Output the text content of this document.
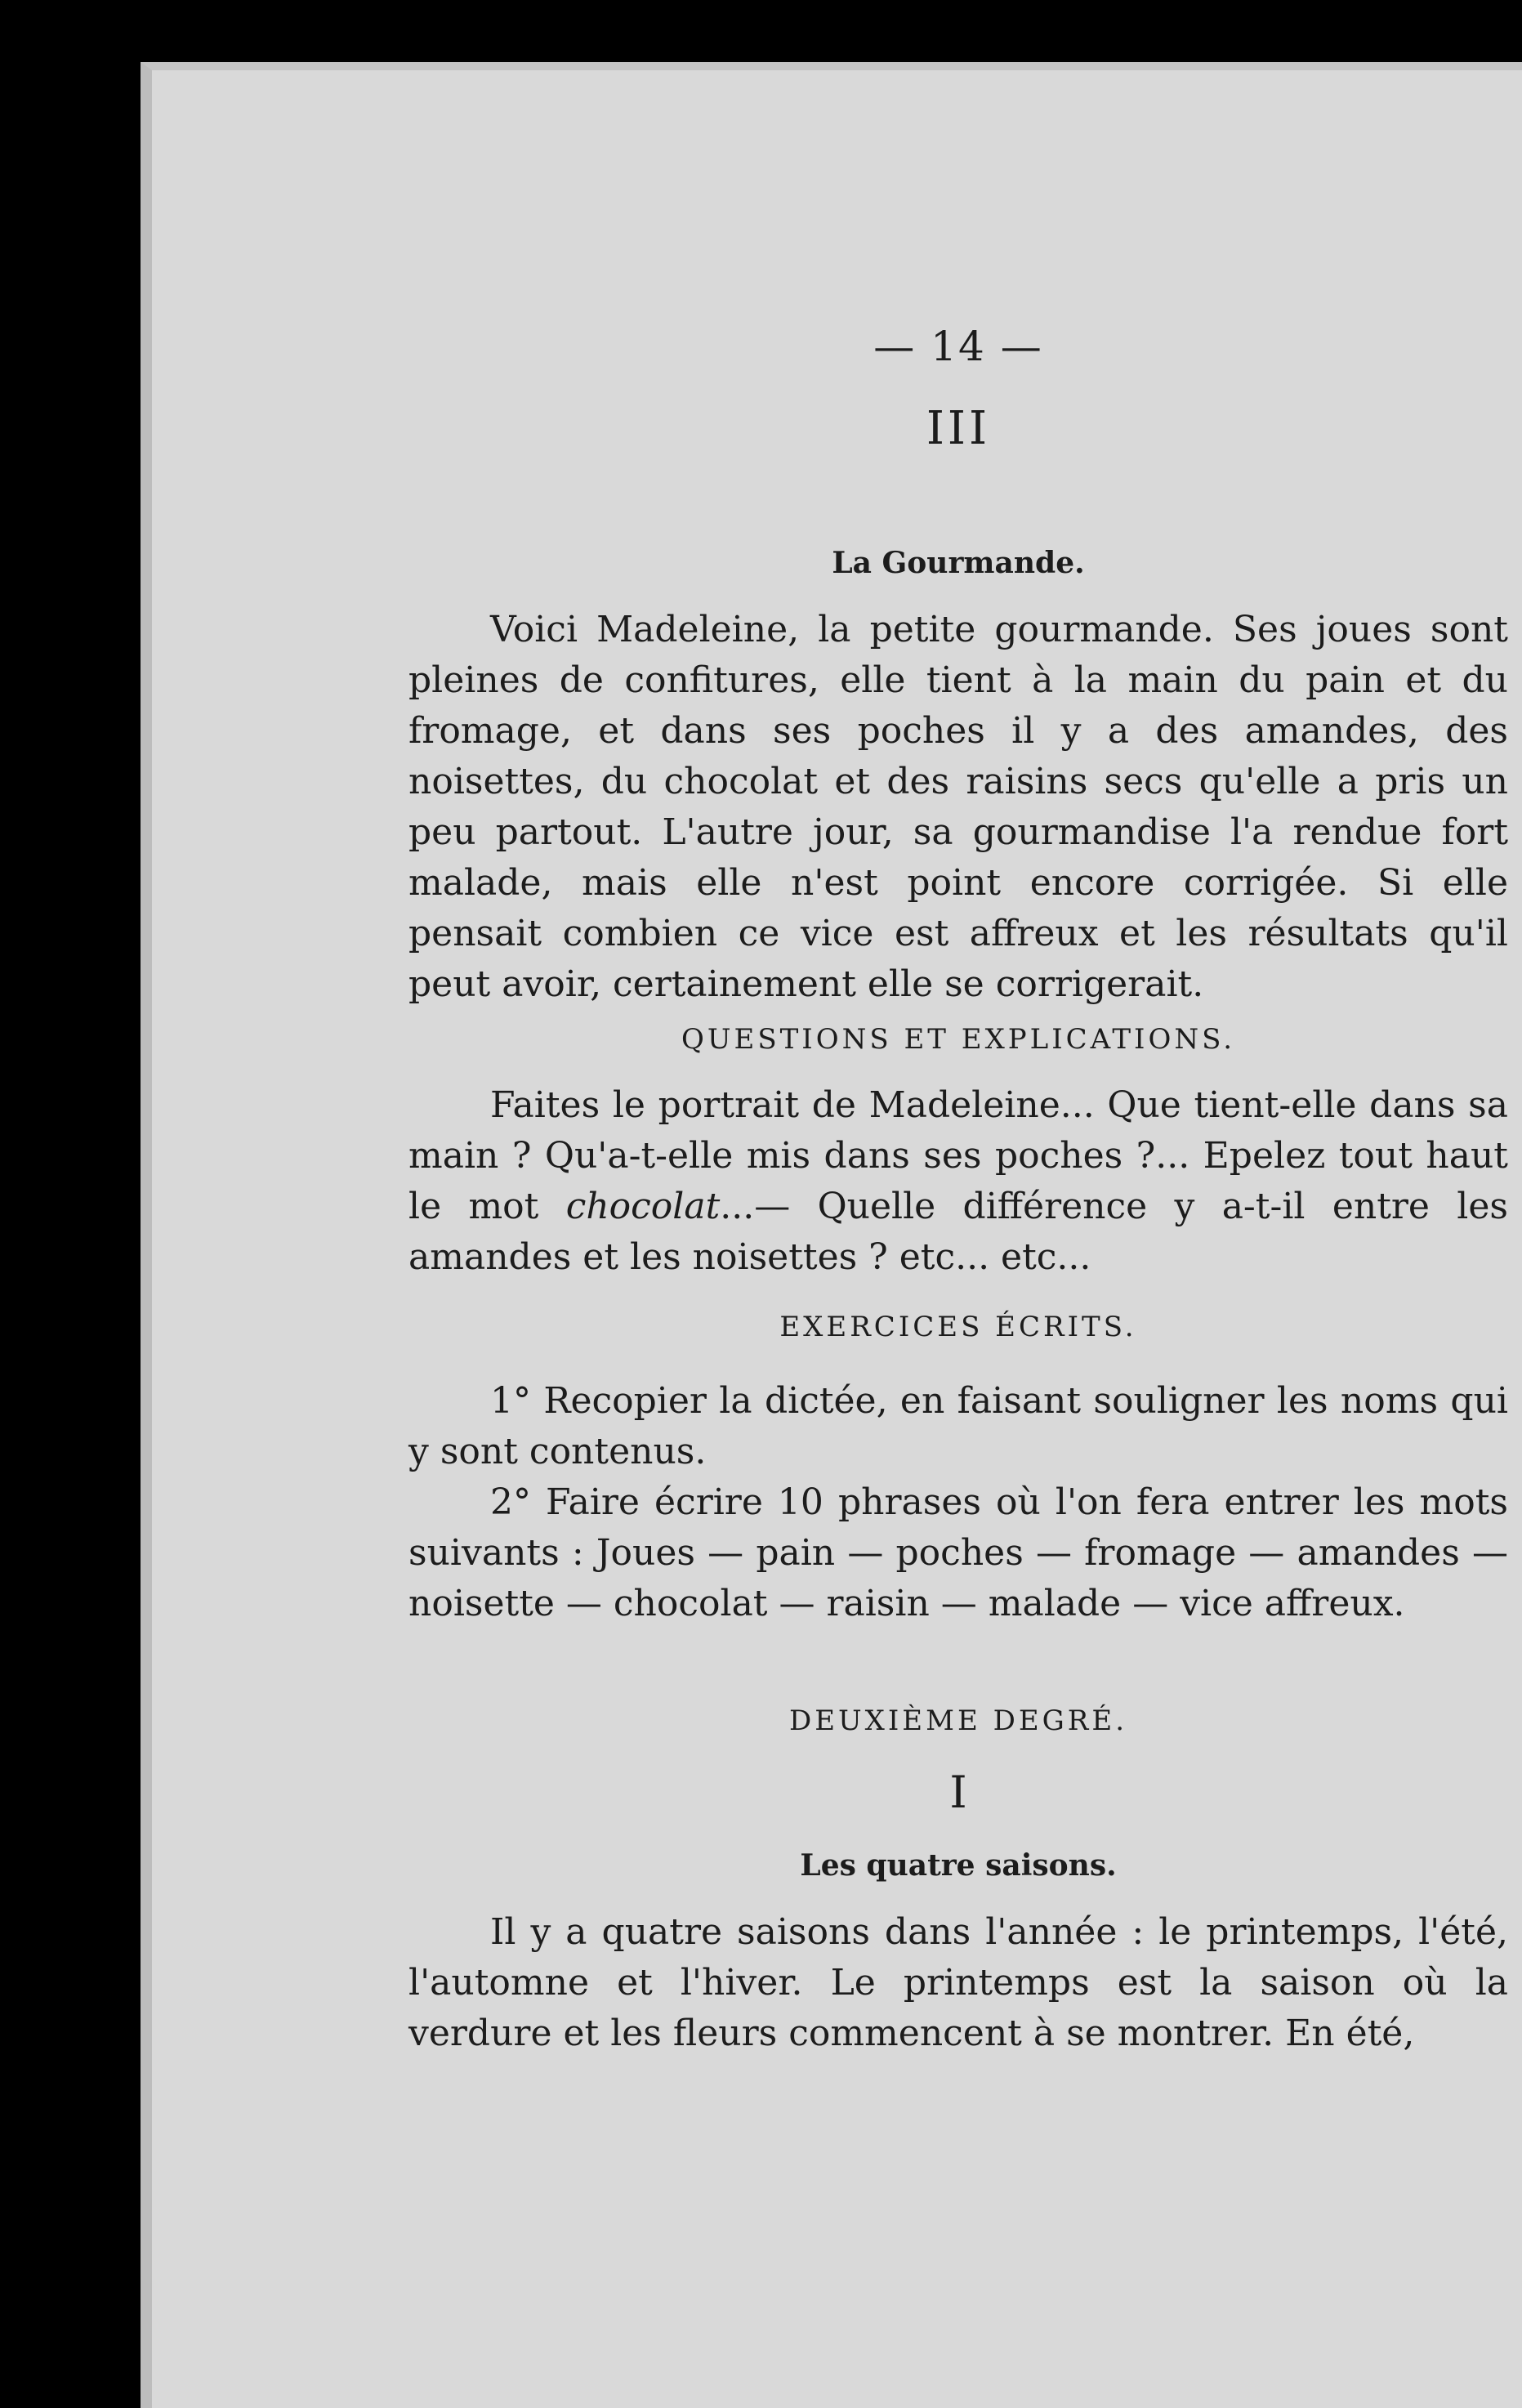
— 14 —
III
La Gourmande.

Voici Madeleine, la petite gourmande. Ses joues sont pleines de confitures, elle tient à la main du pain et du fromage, et dans ses poches il y a des amandes, des noisettes, du chocolat et des raisins secs qu'elle a pris un peu partout. L'autre jour, sa gourmandise l'a rendue fort malade, mais elle n'est point encore corrigée. Si elle pensait combien ce vice est affreux et les résultats qu'il peut avoir, certainement elle se corrigerait.

QUESTIONS ET EXPLICATIONS.

Faites le portrait de Madeleine... Que tient-elle dans sa main ? Qu'a-t-elle mis dans ses poches ?... Epelez tout haut le mot chocolat...— Quelle différence y a-t-il entre les amandes et les noisettes ? etc... etc...

EXERCICES ÉCRITS.

1° Recopier la dictée, en faisant souligner les noms qui y sont contenus.

2° Faire écrire 10 phrases où l'on fera entrer les mots suivants : Joues — pain — poches — fromage — amandes — noisette — chocolat — raisin — malade — vice affreux.

DEUXIÈME DEGRÉ.
I
Les quatre saisons.

Il y a quatre saisons dans l'année : le printemps, l'été, l'automne et l'hiver. Le printemps est la saison où la verdure et les fleurs commencent à se montrer. En été,
